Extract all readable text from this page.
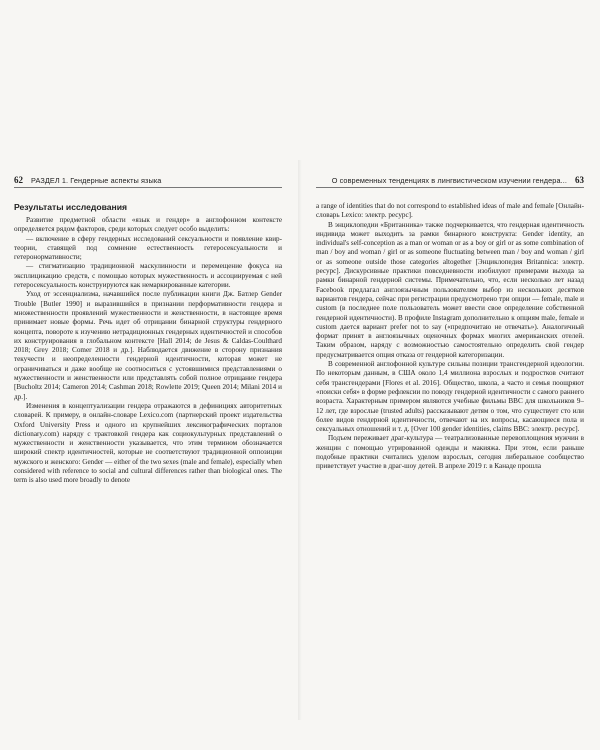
62 РАЗДЕЛ 1. Гендерные аспекты языка
Результаты исследования

Развитие предметной области «язык и гендер» в англофонном контексте определяется рядом факторов, среди которых следует особо выделить:

— включение в сферу гендерных исследований сексуальности и появление квир-теории, ставящей под сомнение естественность гетеросексуальности и гетеронормативности;

— стигматизацию традиционной маскулинности и перемещение фокуса на эксплицикацию средств, с помощью которых мужественность и ассоциируемая с ней гетеросексуальность конструируются как немаркированные категории.

Уход от эссенциализма, начавшийся после публикации книги Дж. Батлер Gender Trouble [Butler 1990] и выразившийся в признании перформативности гендера и множественности проявлений мужественности и женственности, в настоящее время принимает новые формы. Речь идет об отрицании бинарной структуры гендерного концепта, повороте к изучению нетрадиционных гендерных идентичностей и способов их конструирования в глобальном контексте [Hall 2014; de Jesus & Caldas-Coulthard 2018; Grey 2018; Comer 2018 и др.]. Наблюдается движение в сторону признания текучести и неопределенности гендерной идентичности, которая может не ограничиваться и даже вообще не соотноситься с устоявшимися представлениями о мужественности и женственности или представлять собой полное отрицание гендера [Bucholtz 2014; Cameron 2014; Cashman 2018; Rowlette 2019; Queen 2014; Milani 2014 и др.].

Изменения в концептуализации гендера отражаются в дефинициях авторитетных словарей. К примеру, в онлайн-словаре Lexico.com (партнерский проект издательства Oxford University Press и одного из крупнейших лексикографических порталов dictionary.com) наряду с трактовкой гендера как социокультурных представлений о мужественности и женственности указывается, что этим термином обозначается широкий спектр идентичностей, которые не соответствуют традиционной оппозиции мужского и женского: Gender — either of the two sexes (male and female), especially when considered with reference to social and cultural differences rather than biological ones. The term is also used more broadly to denote

О современных тенденциях в лингвистическом изучении гендера... 63

a range of identities that do not correspond to established ideas of male and female [Онлайн-словарь Lexico: электр. ресурс].

В энциклопедии «Британника» также подчеркивается, что гендерная идентичность индивида может выходить за рамки бинарного конструкта: Gender identity, an individual's self-conception as a man or woman or as a boy or girl or as some combination of man / boy and woman / girl or as someone fluctuating between man / boy and woman / girl or as someone outside those categories altogether [Энциклопедия Britannica: электр. ресурс]. Дискурсивные практики повседневности изобилуют примерами выхода за рамки бинарной гендерной системы. Примечательно, что, если несколько лет назад Facebook предлагал англоязычным пользователям выбор из нескольких десятков вариантов гендера, сейчас при регистрации предусмотрено три опции — female, male и custom (в последнее поле пользователь может ввести свое определение собственной гендерной идентичности). В профиле Instagram дополнительно к опциям male, female и custom дается вариант prefer not to say («предпочитаю не отвечать»). Аналогичный формат принят в англоязычных оценочных формах многих американских отелей. Таким образом, наряду с возможностью самостоятельно определить свой гендер предусматривается опция отказа от гендерной категоризации.

В современной англофонной культуре сильны позиции трансгендерной идеологии. По некоторым данным, в США около 1,4 миллиона взрослых и подростков считают себя трансгендерами [Flores et al. 2016]. Общество, школа, а часто и семья поощряют «поиски себя» в форме рефлексии по поводу гендерной идентичности с самого раннего возраста. Характерным примером являются учебные фильмы BBC для школьников 9–12 лет, где взрослые (trusted adults) рассказывают детям о том, что существует сто или более видов гендерной идентичности, отвечают на их вопросы, касающиеся пола и сексуальных отношений и т. д. [Over 100 gender identities, claims BBC: электр. ресурс].

Подъем переживает драг-культура — театрализованные перевоплощения мужчин в женщин с помощью утрированной одежды и макияжа. При этом, если раньше подобные практики считались уделом взрослых, сегодня либеральное сообщество приветствует участие в драг-шоу детей. В апреле 2019 г. в Канаде прошла
